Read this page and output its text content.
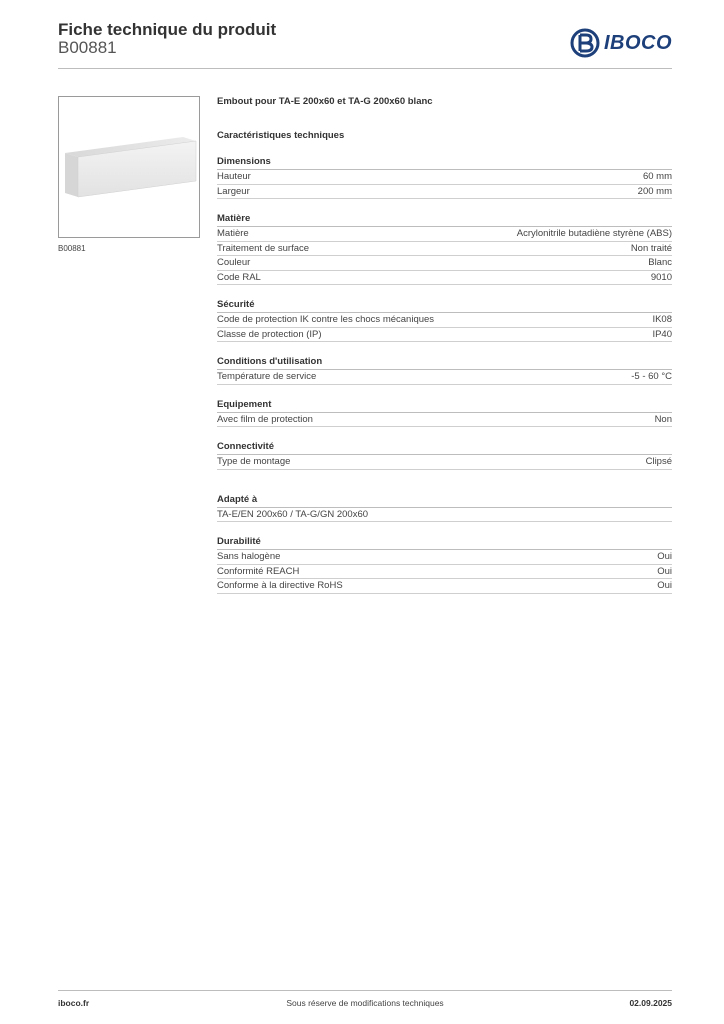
Fiche technique du produit
B00881	IBOCO
B00881
Embout pour TA-E 200x60 et TA-G 200x60 blanc
Caractéristiques techniques
Dimensions
Hauteur	60 mm
Largeur	200 mm
Matière
Matière	Acrylonitrile butadiène styrène (ABS)
Traitement de surface	Non traité
Couleur	Blanc
Code RAL	9010
Sécurité
Code de protection IK contre les chocs mécaniques	IK08
Classe de protection (IP)	IP40
Conditions d'utilisation
Température de service	-5 - 60 °C
Equipement
Avec film de protection	Non
Connectivité
Type de montage	Clipsé
Adapté à
TA-E/EN 200x60 / TA-G/GN 200x60
Durabilité
Sans halogène	Oui
Conformité REACH	Oui
Conforme à la directive RoHS	Oui
iboco.fr	Sous réserve de modifications techniques	02.09.2025
